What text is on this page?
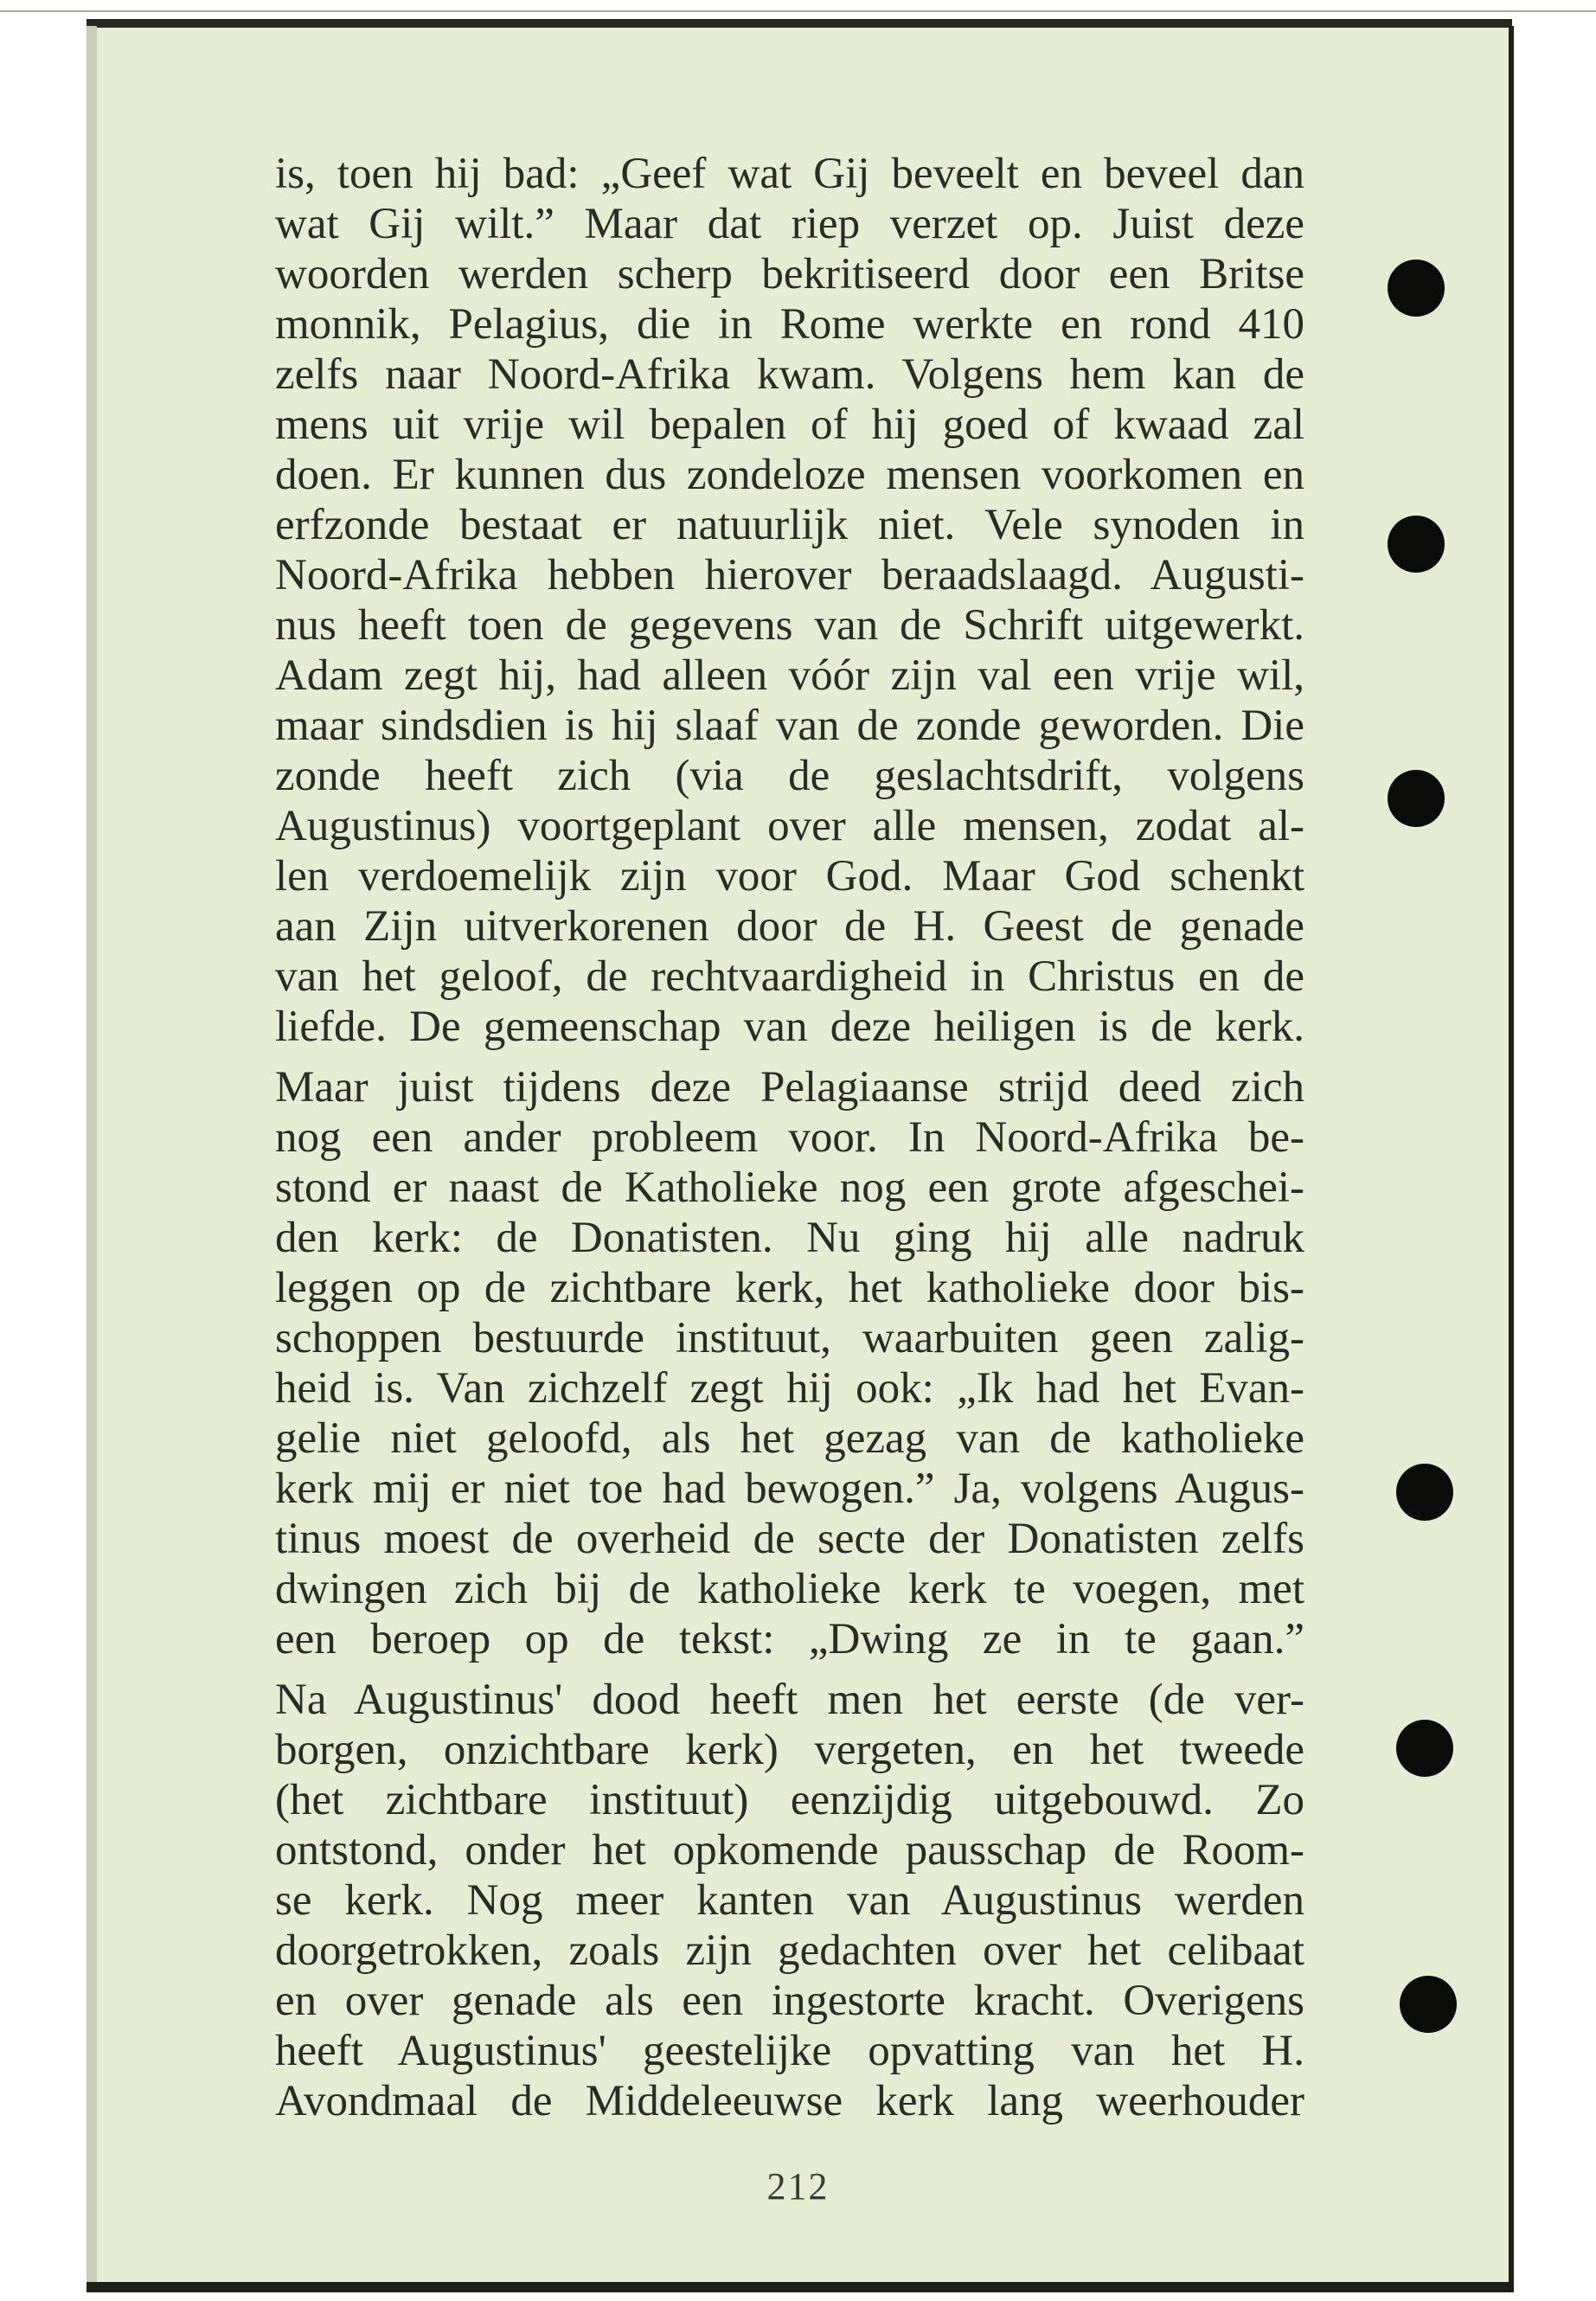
is, toen hij bad: „Geef wat Gij beveelt en beveel dan
wat Gij wilt.” Maar dat riep verzet op. Juist deze
woorden werden scherp bekritiseerd door een Britse
monnik, Pelagius, die in Rome werkte en rond 410
zelfs naar Noord-Afrika kwam. Volgens hem kan de
mens uit vrije wil bepalen of hij goed of kwaad zal
doen. Er kunnen dus zondeloze mensen voorkomen en
erfzonde bestaat er natuurlijk niet. Vele synoden in
Noord-Afrika hebben hierover beraadslaagd. Augusti-
nus heeft toen de gegevens van de Schrift uitgewerkt.
Adam zegt hij, had alleen vóór zijn val een vrije wil,
maar sindsdien is hij slaaf van de zonde geworden. Die
zonde heeft zich (via de geslachtsdrift, volgens
Augustinus) voortgeplant over alle mensen, zodat al-
len verdoemelijk zijn voor God. Maar God schenkt
aan Zijn uitverkorenen door de H. Geest de genade
van het geloof, de rechtvaardigheid in Christus en de
liefde. De gemeenschap van deze heiligen is de kerk.

Maar juist tijdens deze Pelagiaanse strijd deed zich
nog een ander probleem voor. In Noord-Afrika be-
stond er naast de Katholieke nog een grote afgeschei-
den kerk: de Donatisten. Nu ging hij alle nadruk
leggen op de zichtbare kerk, het katholieke door bis-
schoppen bestuurde instituut, waarbuiten geen zalig-
heid is. Van zichzelf zegt hij ook: „Ik had het Evan-
gelie niet geloofd, als het gezag van de katholieke
kerk mij er niet toe had bewogen.” Ja, volgens Augus-
tinus moest de overheid de secte der Donatisten zelfs
dwingen zich bij de katholieke kerk te voegen, met
een beroep op de tekst: „Dwing ze in te gaan.”

Na Augustinus' dood heeft men het eerste (de ver-
borgen, onzichtbare kerk) vergeten, en het tweede
(het zichtbare instituut) eenzijdig uitgebouwd. Zo
ontstond, onder het opkomende pausschap de Room-
se kerk. Nog meer kanten van Augustinus werden
doorgetrokken, zoals zijn gedachten over het celibaat
en over genade als een ingestorte kracht. Overigens
heeft Augustinus' geestelijke opvatting van het H.
Avondmaal de Middeleeuwse kerk lang weerhouder

212
